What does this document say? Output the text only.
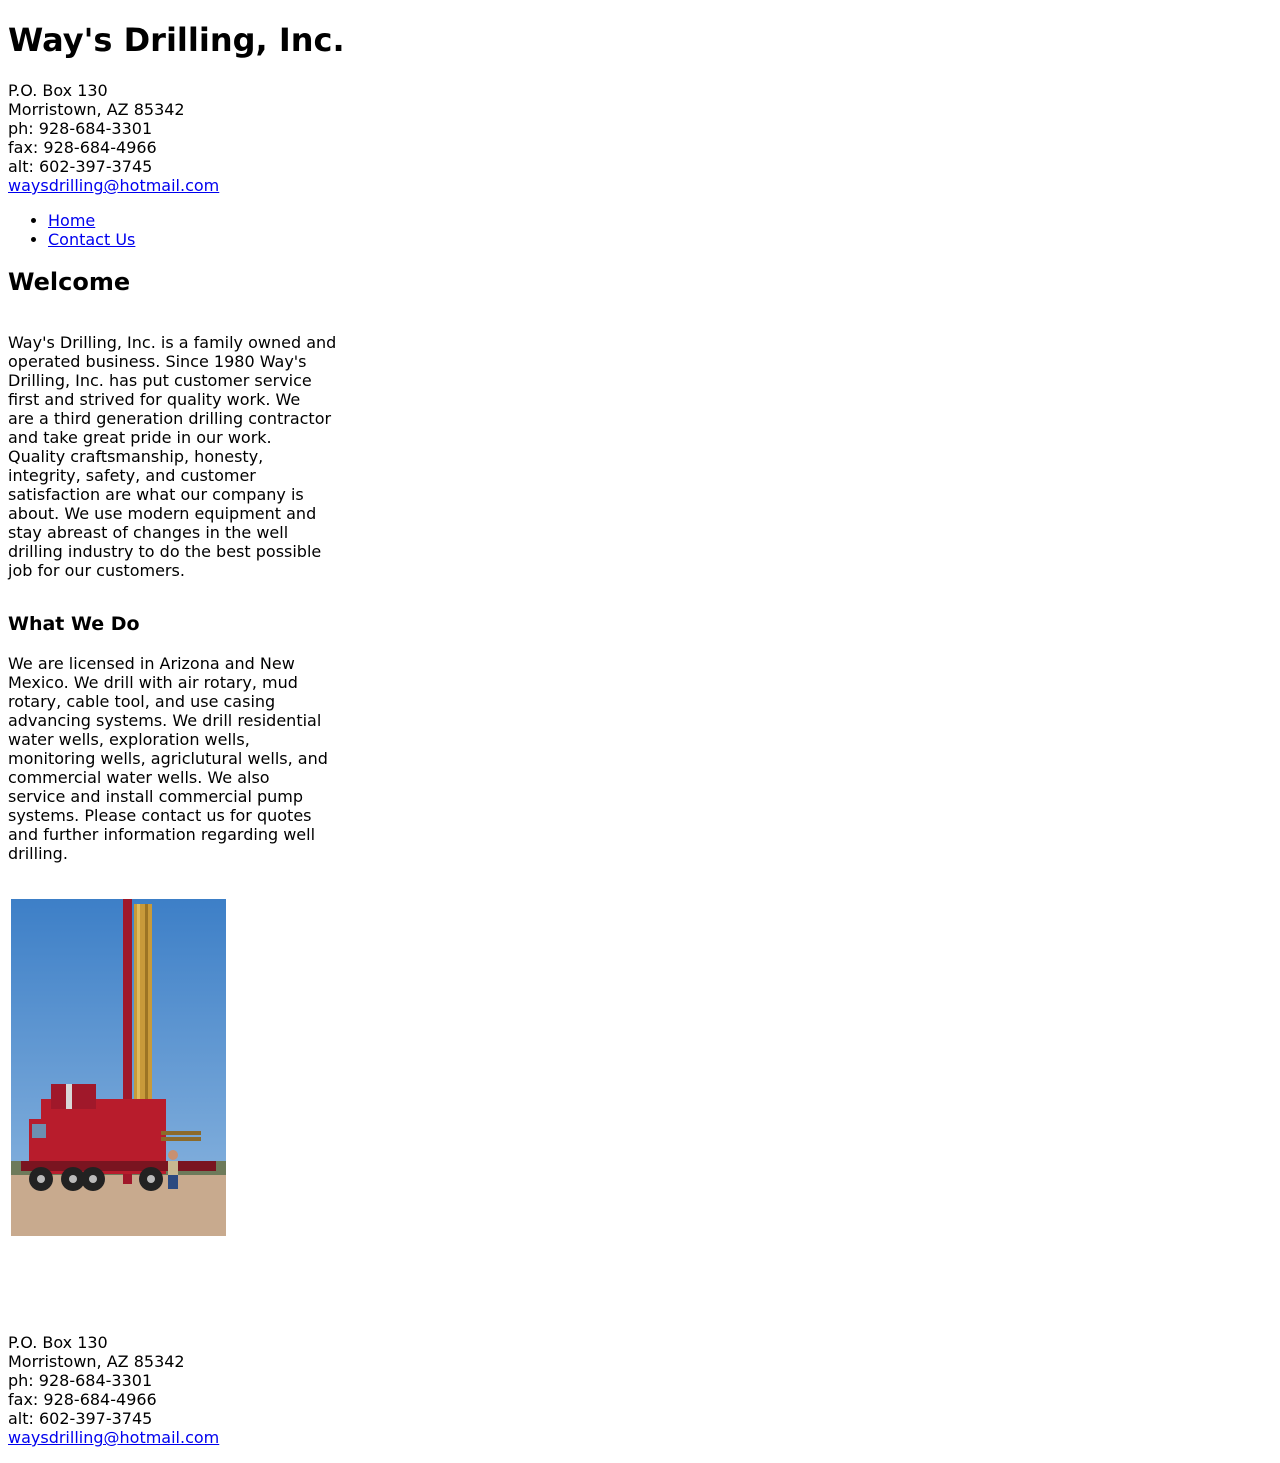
Way's Drilling, Inc.
P.O. Box 130
Morristown, AZ 85342
ph: 928-684-3301
fax: 928-684-4966
alt: 602-397-3745
waysdrilling@hotmail.com
• Home
• Contact Us
Welcome

Way's Drilling, Inc. is a family owned and
operated business. Since 1980 Way's
Drilling, Inc. has put customer service
first and strived for quality work. We
are a third generation drilling contractor
and take great pride in our work.
Quality craftsmanship, honesty,
integrity, safety, and customer
satisfaction are what our company is
about. We use modern equipment and
stay abreast of changes in the well
drilling industry to do the best possible
job for our customers.

What We Do

We are licensed in Arizona and New
Mexico. We drill with air rotary, mud
rotary, cable tool, and use casing
advancing systems. We drill residential
water wells, exploration wells,
monitoring wells, agriclutural wells, and
commercial water wells. We also
service and install commercial pump
systems. Please contact us for quotes
and further information regarding well
drilling.

P.O. Box 130
Morristown, AZ 85342
ph: 928-684-3301
fax: 928-684-4966
alt: 602-397-3745
waysdrilling@hotmail.com
